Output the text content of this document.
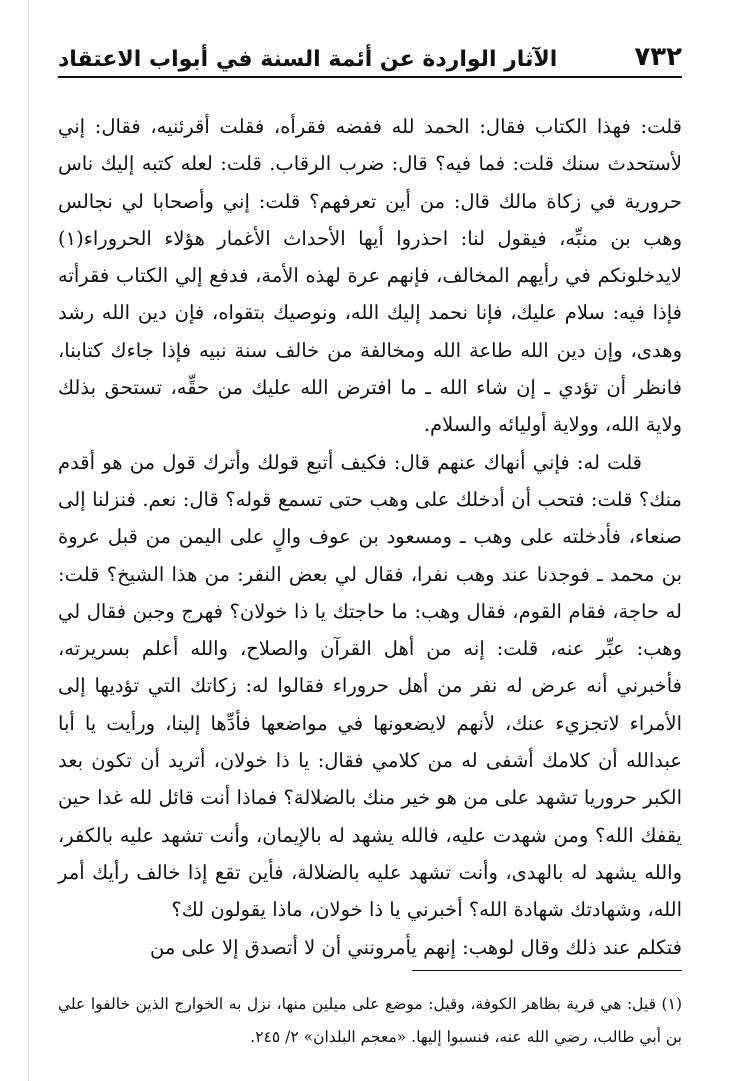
٧٣٢
الآثار الواردة عن أئمة السنة في أبواب الاعتقاد

قلت: فهذا الكتاب فقال: الحمد لله ففضه فقرأه، فقلت أقرئنيه، فقال: إني لأستحدث سنك قلت: فما فيه؟ قال: ضرب الرقاب. قلت: لعله كتبه إليك ناس حرورية في زكاة مالك قال: من أين تعرفهم؟ قلت: إني وأصحابا لي نجالس وهب بن منبِّه، فيقول لنا: احذروا أيها الأحداث الأغمار هؤلاء الحروراء(١) لايدخلونكم في رأيهم المخالف، فإنهم عرة لهذه الأمة، فدفع إلي الكتاب فقرأته فإذا فيه: سلام عليك، فإنا نحمد إليك الله، ونوصيك بتقواه، فإن دين الله رشد وهدى، وإن دين الله طاعة الله ومخالفة من خالف سنة نبيه فإذا جاءك كتابنا، فانظر أن تؤدي ـ إن شاء الله ـ ما افترض الله عليك من حقِّه، تستحق بذلك ولاية الله، وولاية أوليائه والسلام.

قلت له: فإني أنهاك عنهم قال: فكيف أتبع قولك وأترك قول من هو أقدم منك؟ قلت: فتحب أن أدخلك على وهب حتى تسمع قوله؟ قال: نعم. فنزلنا إلى صنعاء، فأدخلته على وهب ـ ومسعود بن عوف والٍ على اليمن من قبل عروة بن محمد ـ فوجدنا عند وهب نفرا، فقال لي بعض النفر: من هذا الشيخ؟ قلت: له حاجة، فقام القوم، فقال وهب: ما حاجتك يا ذا خولان؟ فهرج وجبن فقال لي وهب: عبِّر عنه، قلت: إنه من أهل القرآن والصلاح، والله أعلم بسريرته، فأخبرني أنه عرض له نفر من أهل حروراء فقالوا له: زكاتك التي تؤديها إلى الأمراء لاتجزيء عنك، لأنهم لايضعونها في مواضعها فأدِّها إلينا، ورأيت يا أبا عبدالله أن كلامك أشفى له من كلامي فقال: يا ذا خولان، أتريد أن تكون بعد الكبر حروريا تشهد على من هو خير منك بالضلالة؟ فماذا أنت قائل لله غدا حين يقفك الله؟ ومن شهدت عليه، فالله يشهد له بالإيمان، وأنت تشهد عليه بالكفر، والله يشهد له بالهدى، وأنت تشهد عليه بالضلالة، فأين تقع إذا خالف رأيك أمر الله، وشهادتك شهادة الله؟ أخبرني يا ذا خولان، ماذا يقولون لك؟

فتكلم عند ذلك وقال لوهب: إنهم يأمرونني أن لا أتصدق إلا على من

(١) قيل: هي قرية بظاهر الكوفة، وقيل: موضع على ميلين منها، نزل به الخوارج الذين خالفوا علي بن أبي طالب، رضي الله عنه، فنسبوا إليها. «معجم البلدان» ٢/ ٢٤٥.
